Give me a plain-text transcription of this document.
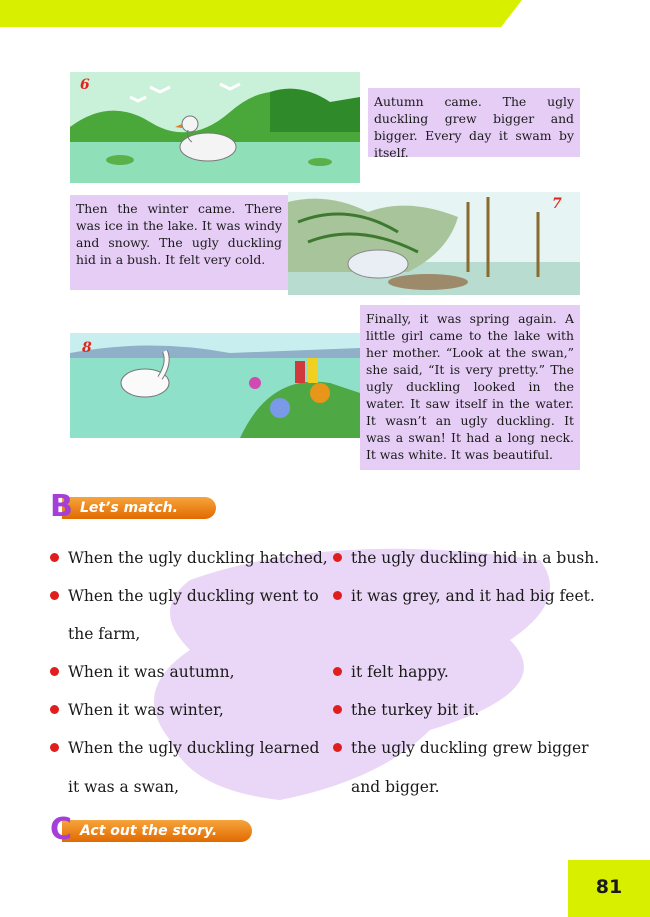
6
Autumn came. The ugly duckling grew bigger and bigger. Every day it swam by itself.
Then the winter came. There was ice in the lake. It was windy and snowy. The ugly duckling hid in a bush. It felt very cold.
7
8
Finally, it was spring again. A little girl came to the lake with her mother. “Look at the swan,” she said, “It is very pretty.” The ugly duckling looked in the water. It saw itself in the water. It wasn’t an ugly duckling. It was a swan! It had a long neck. It was white. It was beautiful.
Let’s match.
B
When the ugly duckling hatched,
When the ugly duckling went to
the farm,
When it was autumn,
When it was winter,
When the ugly duckling learned
it was a swan,
the ugly duckling hid in a bush.
it was grey, and it had big feet.
it felt happy.
the turkey bit it.
the ugly duckling grew bigger
and bigger.
Act out the story.
C
81
